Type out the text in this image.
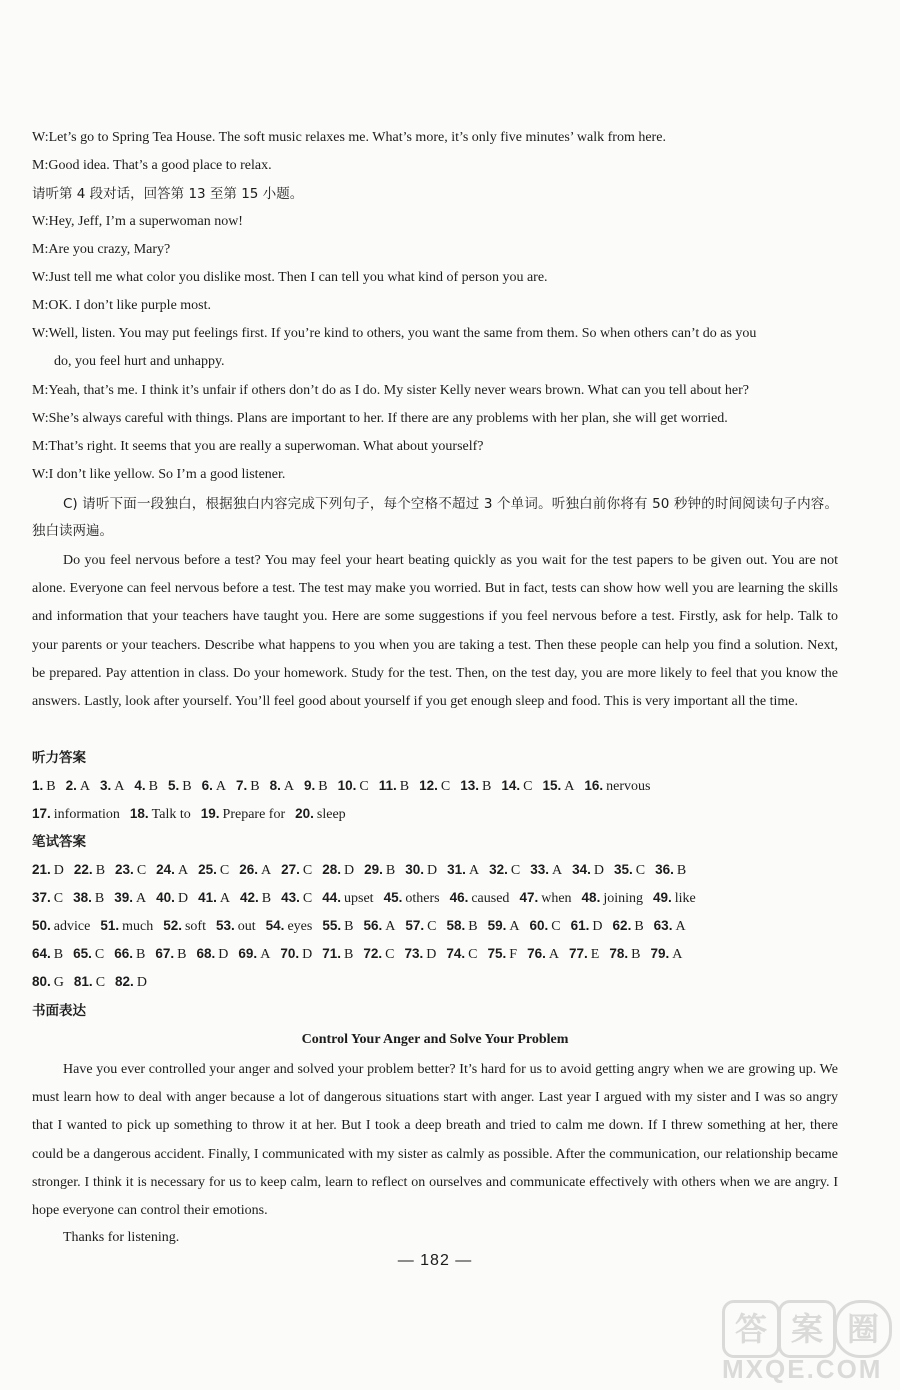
W:Let’s go to Spring Tea House. The soft music relaxes me. What’s more, it’s only five minutes’ walk from here.
M:Good idea. That’s a good place to relax.
请听第 4 段对话，回答第 13 至第 15 小题。
W:Hey, Jeff, I’m a superwoman now!
M:Are you crazy, Mary?
W:Just tell me what color you dislike most. Then I can tell you what kind of person you are.
M:OK. I don’t like purple most.
W:Well, listen. You may put feelings first. If you’re kind to others, you want the same from them. So when others can’t do as you
do, you feel hurt and unhappy.
M:Yeah, that’s me. I think it’s unfair if others don’t do as I do. My sister Kelly never wears brown. What can you tell about her?
W:She’s always careful with things. Plans are important to her. If there are any problems with her plan, she will get worried.
M:That’s right. It seems that you are really a superwoman. What about yourself?
W:I don’t like yellow. So I’m a good listener.
C) 请听下面一段独白，根据独白内容完成下列句子，每个空格不超过 3 个单词。听独白前你将有 50 秒钟的时间阅读句子内容。独白读两遍。
Do you feel nervous before a test? You may feel your heart beating quickly as you wait for the test papers to be given out. You are not alone. Everyone can feel nervous before a test. The test may make you worried. But in fact, tests can show how well you are learning the skills and information that your teachers have taught you. Here are some suggestions if you feel nervous before a test. Firstly, ask for help. Talk to your parents or your teachers. Describe what happens to you when you are taking a test. Then these people can help you find a solution. Next, be prepared. Pay attention in class. Do your homework. Study for the test. Then, on the test day, you are more likely to feel that you know the answers. Lastly, look after yourself. You’ll feel good about yourself if you get enough sleep and food. This is very important all the time.
听力答案
1. B 2. A 3. A 4. B 5. B 6. A 7. B 8. A 9. B 10. C 11. B 12. C 13. B 14. C 15. A 16. nervous
17. information 18. Talk to 19. Prepare for 20. sleep
笔试答案
21. D 22. B 23. C 24. A 25. C 26. A 27. C 28. D 29. B 30. D 31. A 32. C 33. A 34. D 35. C 36. B
37. C 38. B 39. A 40. D 41. A 42. B 43. C 44. upset 45. others 46. caused 47. when 48. joining 49. like
50. advice 51. much 52. soft 53. out 54. eyes 55. B 56. A 57. C 58. B 59. A 60. C 61. D 62. B 63. A
64. B 65. C 66. B 67. B 68. D 69. A 70. D 71. B 72. C 73. D 74. C 75. F 76. A 77. E 78. B 79. A
80. G 81. C 82. D
书面表达
Control Your Anger and Solve Your Problem
Have you ever controlled your anger and solved your problem better? It’s hard for us to avoid getting angry when we are growing up. We must learn how to deal with anger because a lot of dangerous situations start with anger. Last year I argued with my sister and I was so angry that I wanted to pick up something to throw it at her. But I took a deep breath and tried to calm me down. If I threw something at her, there could be a dangerous accident. Finally, I communicated with my sister as calmly as possible. After the communication, our relationship became stronger. I think it is necessary for us to keep calm, learn to reflect on ourselves and communicate effectively with others when we are angry. I hope everyone can control their emotions.
Thanks for listening.
— 182 —
答 案 圈
MXQE.COM
